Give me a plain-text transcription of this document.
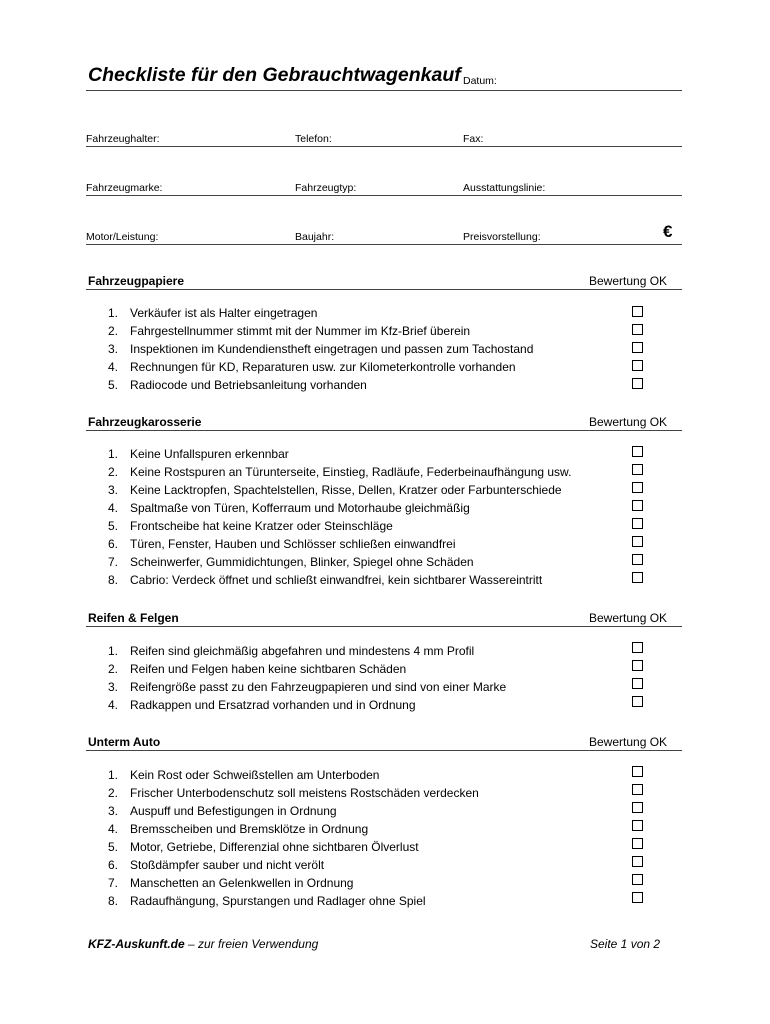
Checkliste für den Gebrauchtwagenkauf Datum:
Fahrzeughalter:	Telefon:	Fax:
Fahrzeugmarke:	Fahrzeugtyp:	Ausstattungslinie:
Motor/Leistung:	Baujahr:	Preisvorstellung:	€
Fahrzeugpapiere	Bewertung OK
1. Verkäufer ist als Halter eingetragen
2. Fahrgestellnummer stimmt mit der Nummer im Kfz-Brief überein
3. Inspektionen im Kundendienstheft eingetragen und passen zum Tachostand
4. Rechnungen für KD, Reparaturen usw. zur Kilometerkontrolle vorhanden
5. Radiocode und Betriebsanleitung vorhanden
Fahrzeugkarosserie	Bewertung OK
1. Keine Unfallspuren erkennbar
2. Keine Rostspuren an Türunterseite, Einstieg, Radläufe, Federbeinaufhängung usw.
3. Keine Lacktropfen, Spachtelstellen, Risse, Dellen, Kratzer oder Farbunterschiede
4. Spaltmaße von Türen, Kofferraum und Motorhaube gleichmäßig
5. Frontscheibe hat keine Kratzer oder Steinschläge
6. Türen, Fenster, Hauben und Schlösser schließen einwandfrei
7. Scheinwerfer, Gummidichtungen, Blinker, Spiegel ohne Schäden
8. Cabrio: Verdeck öffnet und schließt einwandfrei, kein sichtbarer Wassereintritt
Reifen & Felgen	Bewertung OK
1. Reifen sind gleichmäßig abgefahren und mindestens 4 mm Profil
2. Reifen und Felgen haben keine sichtbaren Schäden
3. Reifengröße passt zu den Fahrzeugpapieren und sind von einer Marke
4. Radkappen und Ersatzrad vorhanden und in Ordnung
Unterm Auto	Bewertung OK
1. Kein Rost oder Schweißstellen am Unterboden
2. Frischer Unterbodenschutz soll meistens Rostschäden verdecken
3. Auspuff und Befestigungen in Ordnung
4. Bremsscheiben und Bremsklötze in Ordnung
5. Motor, Getriebe, Differenzial ohne sichtbaren Ölverlust
6. Stoßdämpfer sauber und nicht verölt
7. Manschetten an Gelenkwellen in Ordnung
8. Radaufhängung, Spurstangen und Radlager ohne Spiel
KFZ-Auskunft.de – zur freien Verwendung	Seite 1 von 2
